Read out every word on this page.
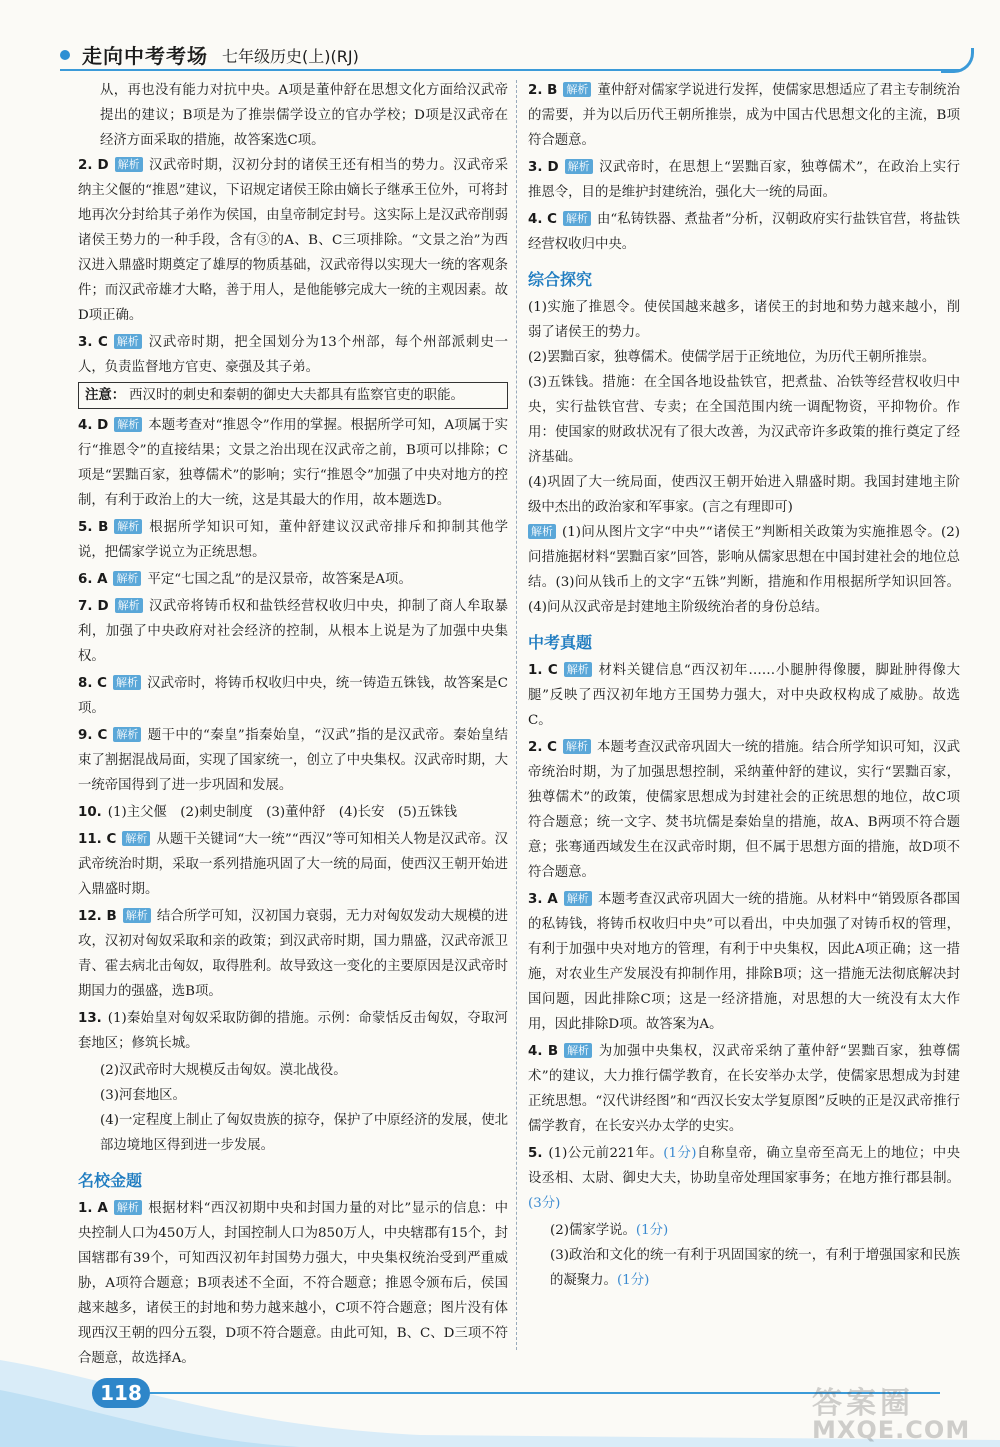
走向中考考场 七年级历史(上)(RJ)

从，再也没有能力对抗中央。A项是董仲舒在思想文化方面给汉武帝提出的建议；B项是为了推崇儒学设立的官办学校；D项是汉武帝在经济方面采取的措施，故答案选C项。

2. D 解析 汉武帝时期，汉初分封的诸侯王还有相当的势力。汉武帝采纳主父偃的“推恩”建议，下诏规定诸侯王除由嫡长子继承王位外，可将封地再次分封给其子弟作为侯国，由皇帝制定封号。这实际上是汉武帝削弱诸侯王势力的一种手段，含有③的A、B、C三项排除。“文景之治”为西汉进入鼎盛时期奠定了雄厚的物质基础，汉武帝得以实现大一统的客观条件；而汉武帝雄才大略，善于用人，是他能够完成大一统的主观因素。故D项正确。

3. C 解析 汉武帝时期，把全国划分为13个州部，每个州部派刺史一人，负责监督地方官吏、豪强及其子弟。

注意： 西汉时的刺史和秦朝的御史大夫都具有监察官吏的职能。

4. D 解析 本题考查对“推恩令”作用的掌握。根据所学可知，A项属于实行“推恩令”的直接结果；文景之治出现在汉武帝之前，B项可以排除；C项是“罢黜百家，独尊儒术”的影响；实行“推恩令”加强了中央对地方的控制，有利于政治上的大一统，这是其最大的作用，故本题选D。

5. B 解析 根据所学知识可知，董仲舒建议汉武帝排斥和抑制其他学说，把儒家学说立为正统思想。

6. A 解析 平定“七国之乱”的是汉景帝，故答案是A项。

7. D 解析 汉武帝将铸币权和盐铁经营权收归中央，抑制了商人牟取暴利，加强了中央政府对社会经济的控制，从根本上说是为了加强中央集权。

8. C 解析 汉武帝时，将铸币权收归中央，统一铸造五铢钱，故答案是C项。

9. C 解析 题干中的“秦皇”指秦始皇，“汉武”指的是汉武帝。秦始皇结束了割据混战局面，实现了国家统一，创立了中央集权。汉武帝时期，大一统帝国得到了进一步巩固和发展。

10. (1)主父偃　(2)刺史制度　(3)董仲舒　(4)长安　(5)五铢钱

11. C 解析 从题干关键词“大一统”“西汉”等可知相关人物是汉武帝。汉武帝统治时期，采取一系列措施巩固了大一统的局面，使西汉王朝开始进入鼎盛时期。

12. B 解析 结合所学可知，汉初国力衰弱，无力对匈奴发动大规模的进攻，汉初对匈奴采取和亲的政策；到汉武帝时期，国力鼎盛，汉武帝派卫青、霍去病北击匈奴，取得胜利。故导致这一变化的主要原因是汉武帝时期国力的强盛，选B项。

13. (1)秦始皇对匈奴采取防御的措施。示例：命蒙恬反击匈奴，夺取河套地区；修筑长城。

(2)汉武帝时大规模反击匈奴。漠北战役。

(3)河套地区。

(4)一定程度上制止了匈奴贵族的掠夺，保护了中原经济的发展，使北部边境地区得到进一步发展。

名校金题

1. A 解析 根据材料“西汉初期中央和封国力量的对比”显示的信息：中央控制人口为450万人，封国控制人口为850万人，中央辖郡有15个，封国辖郡有39个，可知西汉初年封国势力强大，中央集权统治受到严重威胁，A项符合题意；B项表述不全面，不符合题意；推恩令颁布后，侯国越来越多，诸侯王的封地和势力越来越小，C项不符合题意；图片没有体现西汉王朝的四分五裂，D项不符合题意。由此可知，B、C、D三项不符合题意，故选择A。

2. B 解析 董仲舒对儒家学说进行发挥，使儒家思想适应了君主专制统治的需要，并为以后历代王朝所推崇，成为中国古代思想文化的主流，B项符合题意。

3. D 解析 汉武帝时，在思想上“罢黜百家，独尊儒术”，在政治上实行推恩令，目的是维护封建统治，强化大一统的局面。

4. C 解析 由“私铸铁器、煮盐者”分析，汉朝政府实行盐铁官营，将盐铁经营权收归中央。

综合探究

(1)实施了推恩令。使侯国越来越多，诸侯王的封地和势力越来越小，削弱了诸侯王的势力。

(2)罢黜百家，独尊儒术。使儒学居于正统地位，为历代王朝所推崇。

(3)五铢钱。措施：在全国各地设盐铁官，把煮盐、冶铁等经营权收归中央，实行盐铁官营、专卖；在全国范围内统一调配物资，平抑物价。作用：使国家的财政状况有了很大改善，为汉武帝许多政策的推行奠定了经济基础。

(4)巩固了大一统局面，使西汉王朝开始进入鼎盛时期。我国封建地主阶级中杰出的政治家和军事家。(言之有理即可)

解析 (1)问从图片文字“中央”“诸侯王”判断相关政策为实施推恩令。(2)问措施据材料“罢黜百家”回答，影响从儒家思想在中国封建社会的地位总结。(3)问从钱币上的文字“五铢”判断，措施和作用根据所学知识回答。(4)问从汉武帝是封建地主阶级统治者的身份总结。

中考真题

1. C 解析 材料关键信息“西汉初年……小腿肿得像腰，脚趾肿得像大腿”反映了西汉初年地方王国势力强大，对中央政权构成了威胁。故选C。

2. C 解析 本题考查汉武帝巩固大一统的措施。结合所学知识可知，汉武帝统治时期，为了加强思想控制，采纳董仲舒的建议，实行“罢黜百家，独尊儒术”的政策，使儒家思想成为封建社会的正统思想的地位，故C项符合题意；统一文字、焚书坑儒是秦始皇的措施，故A、B两项不符合题意；张骞通西域发生在汉武帝时期，但不属于思想方面的措施，故D项不符合题意。

3. A 解析 本题考查汉武帝巩固大一统的措施。从材料中“销毁原各郡国的私铸钱，将铸币权收归中央”可以看出，中央加强了对铸币权的管理，有利于加强中央对地方的管理，有利于中央集权，因此A项正确；这一措施，对农业生产发展没有抑制作用，排除B项；这一措施无法彻底解决封国问题，因此排除C项；这是一经济措施，对思想的大一统没有太大作用，因此排除D项。故答案为A。

4. B 解析 为加强中央集权，汉武帝采纳了董仲舒“罢黜百家，独尊儒术”的建议，大力推行儒学教育，在长安举办太学，使儒家思想成为封建正统思想。“汉代讲经图”和“西汉长安太学复原图”反映的正是汉武帝推行儒学教育，在长安兴办太学的史实。

5. (1)公元前221年。(1分)自称皇帝，确立皇帝至高无上的地位；中央设丞相、太尉、御史大夫，协助皇帝处理国家事务；在地方推行郡县制。(3分)

(2)儒家学说。(1分)

(3)政治和文化的统一有利于巩固国家的统一，有利于增强国家和民族的凝聚力。(1分)

118	答案圈
MXQE.COM
